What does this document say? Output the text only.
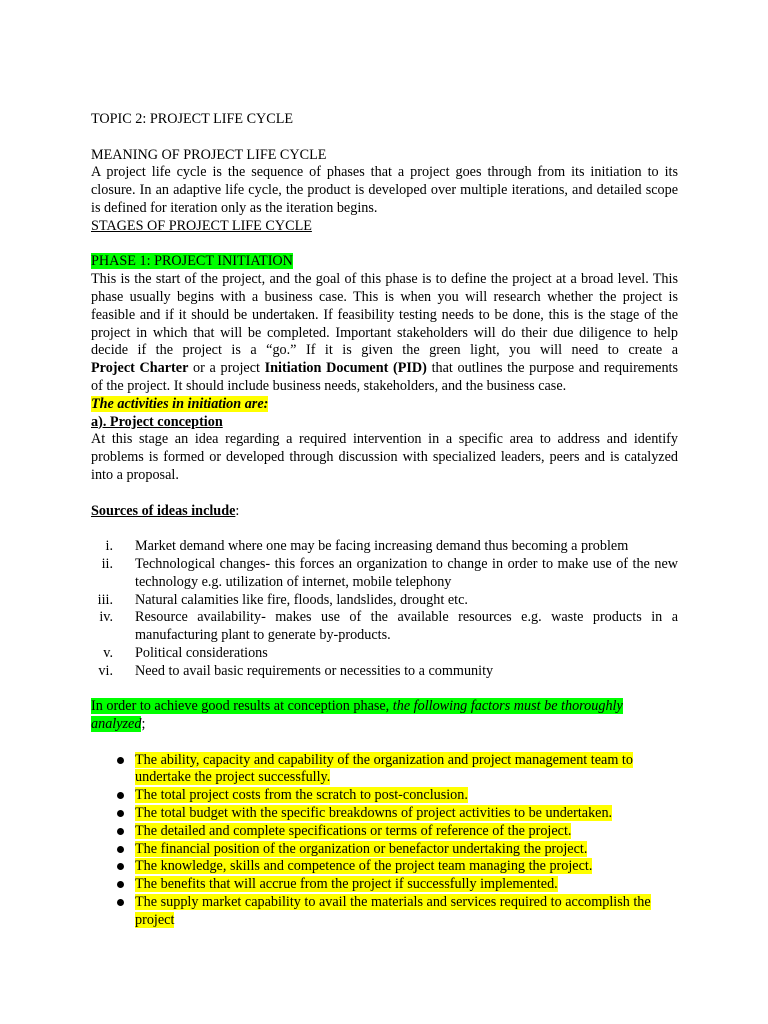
TOPIC 2: PROJECT LIFE CYCLE
MEANING OF PROJECT LIFE CYCLE
A project life cycle is the sequence of phases that a project goes through from its initiation to its closure. In an adaptive life cycle, the product is developed over multiple iterations, and detailed scope is defined for iteration only as the iteration begins.
STAGES OF PROJECT LIFE CYCLE
PHASE 1: PROJECT INITIATION
This is the start of the project, and the goal of this phase is to define the project at a broad level. This phase usually begins with a business case. This is when you will research whether the project is feasible and if it should be undertaken. If feasibility testing needs to be done, this is the stage of the project in which that will be completed. Important stakeholders will do their due diligence to help decide if the project is a “go.” If it is given the green light, you will need to create a
Project Charter or a project Initiation Document (PID) that outlines the purpose and requirements of the project. It should include business needs, stakeholders, and the business case.
The activities in initiation are:
a). Project conception
At this stage an idea regarding a required intervention in a specific area to address and identify problems is formed or developed through discussion with specialized leaders, peers and is catalyzed into a proposal.
Sources of ideas include:
i. Market demand where one may be facing increasing demand thus becoming a problem
ii. Technological changes- this forces an organization to change in order to make use of the new technology e.g. utilization of internet, mobile telephony
iii. Natural calamities like fire, floods, landslides, drought etc.
iv. Resource availability- makes use of the available resources e.g. waste products in a manufacturing plant to generate by-products.
v. Political considerations
vi. Need to avail basic requirements or necessities to a community
In order to achieve good results at conception phase, the following factors must be thoroughly analyzed;
The ability, capacity and capability of the organization and project management team to undertake the project successfully.
The total project costs from the scratch to post-conclusion.
The total budget with the specific breakdowns of project activities to be undertaken.
The detailed and complete specifications or terms of reference of the project.
The financial position of the organization or benefactor undertaking the project.
The knowledge, skills and competence of the project team managing the project.
The benefits that will accrue from the project if successfully implemented.
The supply market capability to avail the materials and services required to accomplish the project
